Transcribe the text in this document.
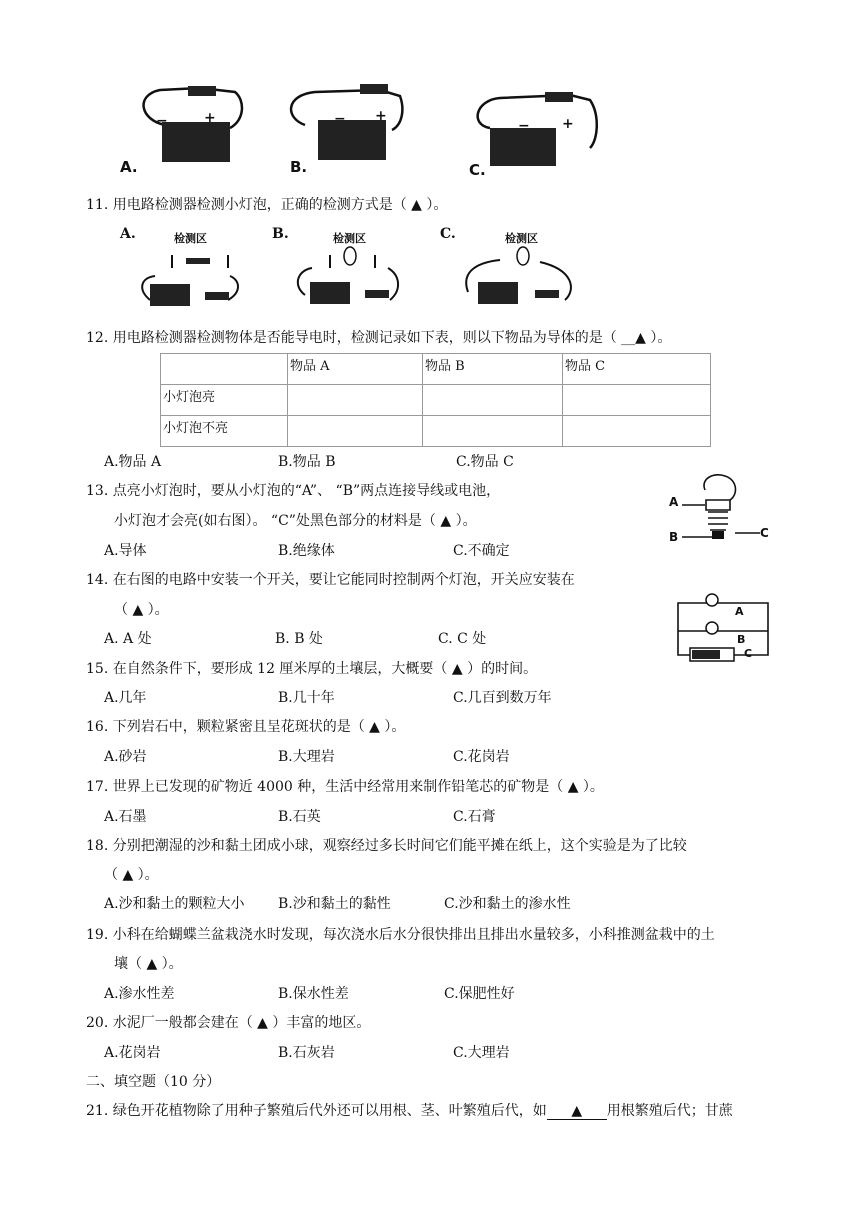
−	+	− +
− +
A.	B.	C.
11. 用电路检测器检测小灯泡，正确的检测方式是（ ▲ ）。
A.	B.	C.
检测区	检测区	检测区
12. 用电路检测器检测物体是否能导电时，检测记录如下表，则以下物品为导体的是（ __▲ ）。
	物品 A	物品 B	物品 C
小灯泡亮			
小灯泡不亮			
A.物品 A	B.物品 B	C.物品 C
13. 点亮小灯泡时，要从小灯泡的“A”、 “B”两点连接导线或电池，
小灯泡才会亮(如右图）。 “C”处黑色部分的材料是（ ▲ ）。
A.导体	B.绝缘体	C.不确定
A
B	C
14. 在右图的电路中安装一个开关，要让它能同时控制两个灯泡，开关应安装在
（ ▲ ）。
A. A 处	B. B 处	C. C 处
A
B
C
15. 在自然条件下，要形成 12 厘米厚的土壤层，大概要（ ▲ ）的时间。
A.几年	B.几十年	C.几百到数万年
16. 下列岩石中，颗粒紧密且呈花斑状的是（ ▲ ）。
A.砂岩	B.大理岩	C.花岗岩
17. 世界上已发现的矿物近 4000 种，生活中经常用来制作铅笔芯的矿物是（ ▲ ）。
A.石墨	B.石英	C.石膏
18. 分别把潮湿的沙和黏土团成小球，观察经过多长时间它们能平摊在纸上，这个实验是为了比较
（ ▲ ）。
A.沙和黏土的颗粒大小 B.沙和黏土的黏性	C.沙和黏土的渗水性
19. 小科在给蝴蝶兰盆栽浇水时发现，每次浇水后水分很快排出且排出水量较多，小科推测盆栽中的土
壤（ ▲ ）。
A.渗水性差	B.保水性差	C.保肥性好
20. 水泥厂一般都会建在（ ▲ ）丰富的地区。
A.花岗岩	B.石灰岩	C.大理岩
二、填空题（10 分）
21. 绿色开花植物除了用种子繁殖后代外还可以用根、茎、叶繁殖后代，如 ▲ 用根繁殖后代；甘蔗
